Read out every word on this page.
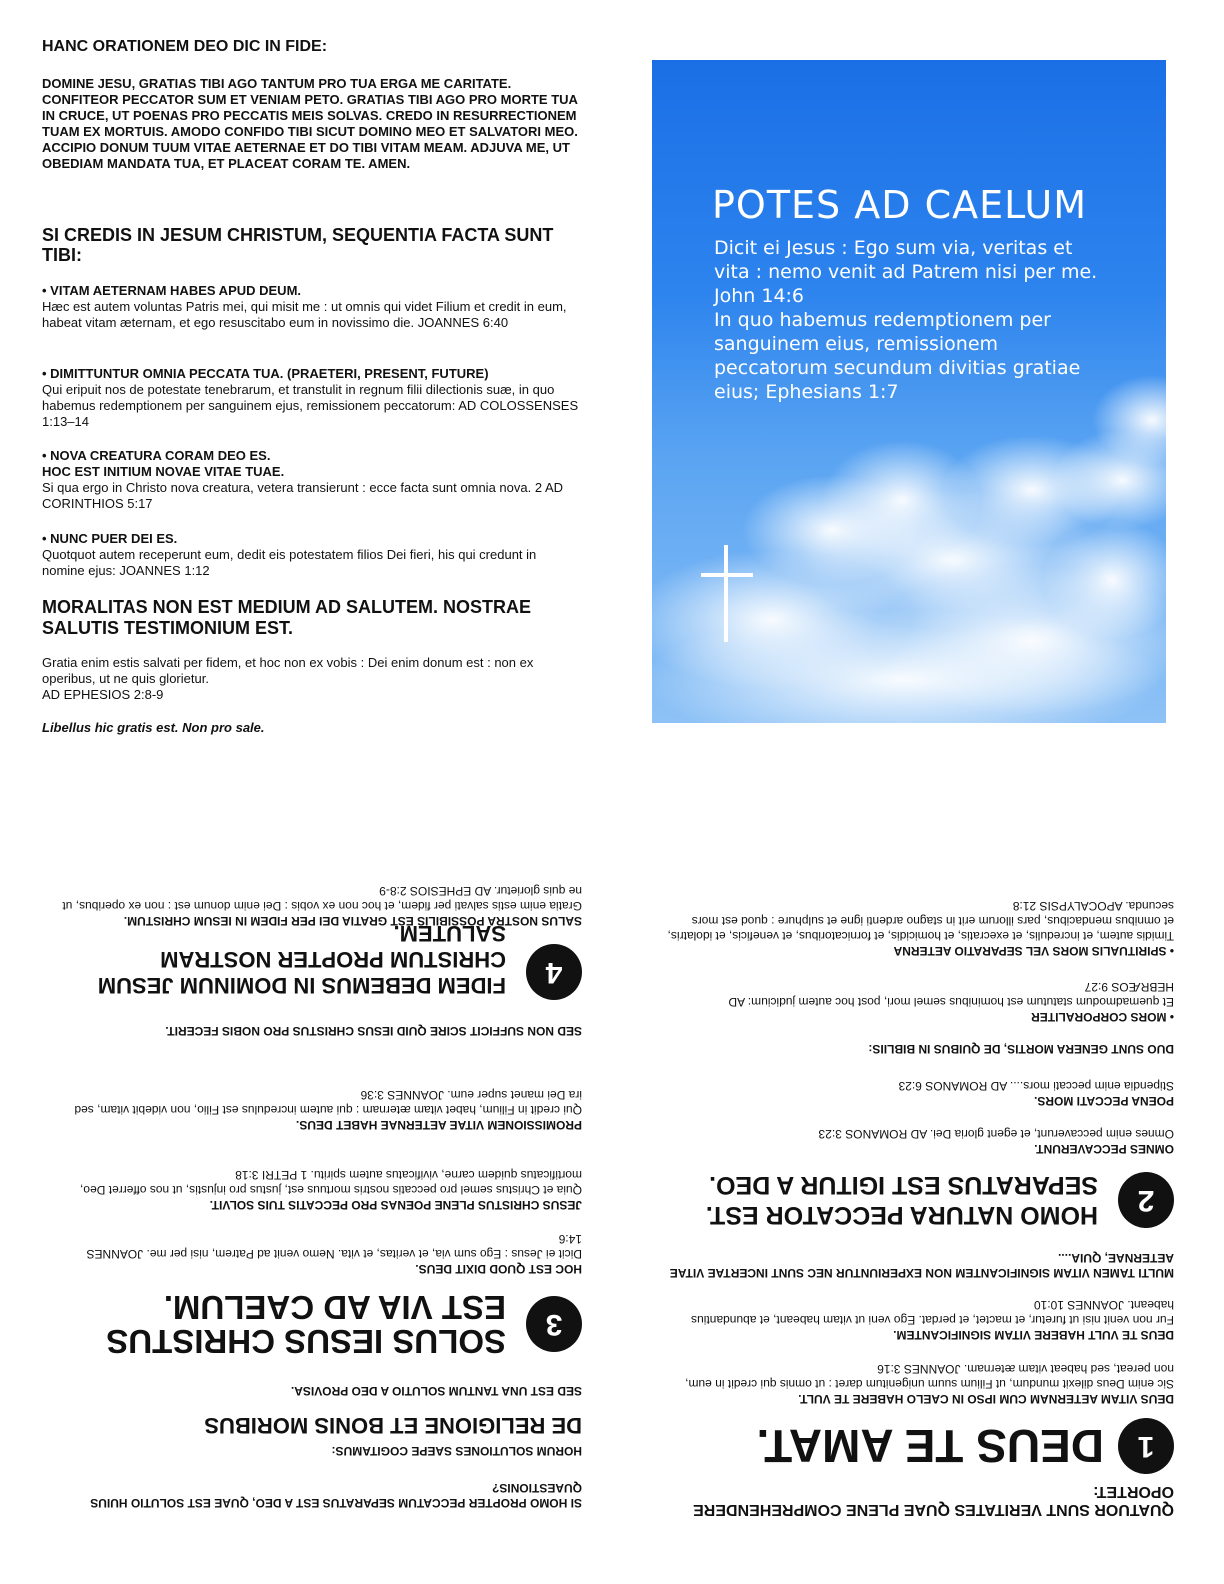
HANC ORATIONEM DEO DIC IN FIDE:
DOMINE JESU, GRATIAS TIBI AGO TANTUM PRO TUA ERGA ME CARITATE. CONFITEOR PECCATOR SUM ET VENIAM PETO. GRATIAS TIBI AGO PRO MORTE TUA IN CRUCE, UT POENAS PRO PECCATIS MEIS SOLVAS. CREDO IN RESURRECTIONEM TUAM EX MORTUIS. AMODO CONFIDO TIBI SICUT DOMINO MEO ET SALVATORI MEO. ACCIPIO DONUM TUUM VITAE AETERNAE ET DO TIBI VITAM MEAM. ADJUVA ME, UT OBEDIAM MANDATA TUA, ET PLACEAT CORAM TE. AMEN.
SI CREDIS IN JESUM CHRISTUM, SEQUENTIA FACTA SUNT TIBI:
• VITAM AETERNAM HABES APUD DEUM.
Hæc est autem voluntas Patris mei, qui misit me : ut omnis qui videt Filium et credit in eum, habeat vitam æternam, et ego resuscitabo eum in novissimo die. JOANNES 6:40
• DIMITTUNTUR OMNIA PECCATA TUA. (PRAETERI, PRESENT, FUTURE)
Qui eripuit nos de potestate tenebrarum, et transtulit in regnum filii dilectionis suæ, in quo habemus redemptionem per sanguinem ejus, remissionem peccatorum: AD COLOSSENSES 1:13–14
• NOVA CREATURA CORAM DEO ES.
HOC EST INITIUM NOVAE VITAE TUAE.
Si qua ergo in Christo nova creatura, vetera transierunt : ecce facta sunt omnia nova. 2 AD CORINTHIOS 5:17
• NUNC PUER DEI ES.
Quotquot autem receperunt eum, dedit eis potestatem filios Dei fieri, his qui credunt in nomine ejus: JOANNES 1:12
MORALITAS NON EST MEDIUM AD SALUTEM. NOSTRAE SALUTIS TESTIMONIUM EST.
Gratia enim estis salvati per fidem, et hoc non ex vobis : Dei enim donum est : non ex operibus, ut ne quis glorietur.
AD EPHESIOS 2:8-9
Libellus hic gratis est. Non pro sale.
POTES AD CAELUM
Dicit ei Jesus : Ego sum via, veritas et vita : nemo venit ad Patrem nisi per me. John 14:6
In quo habemus redemptionem per sanguinem eius, remissionem peccatorum secundum divitias gratiae eius; Ephesians 1:7
SI HOMO PROPTER PECCATUM SEPARATUS EST A DEO, QUAE EST SOLUTIO HUIUS QUAESTIONIS?
HORUM SOLUTIONES SAEPE COGITAMUS:
DE RELIGIONE ET BONIS MORIBUS
SED EST UNA TANTUM SOLUTIO A DEO PROVISA.
3
SOLUS IESUS CHRISTUS EST VIA AD CAELUM.
HOC EST QUOD DIXIT DEUS.
Dicit ei Jesus : Ego sum via, et veritas, et vita. Nemo venit ad Patrem, nisi per me. JOANNES 14:6
JESUS CHRISTUS PLENE POENAS PRO PECCATIS TUIS SOLVIT.
Quia et Christus semel pro peccatis nostris mortuus est, justus pro injustis, ut nos offerret Deo, mortificatus quidem carne, vivificatus autem spiritu. 1 PETRI 3:18
PROMISSIONEM VITAE AETERNAE HABET DEUS.
Qui credit in Filium, habet vitam æternam : qui autem incredulus est Filio, non videbit vitam, sed ira Dei manet super eum. JOANNES 3:36
SED NON SUFFICIT SCIRE QUID IESUS CHRISTUS PRO NOBIS FECERIT.
4
FIDEM DEBEMUS IN DOMINUM JESUM CHRISTUM PROPTER NOSTRAM SALUTEM.
SALUS NOSTRA POSSIBILIS EST GRATIA DEI PER FIDEM IN IESUM CHRISTUM.
Gratia enim estis salvati per fidem, et hoc non ex vobis : Dei enim donum est : non ex operibus, ut ne quis glorietur. AD EPHESIOS 2:8-9
QUATUOR SUNT VERITATES QUAE PLENE COMPREHENDERE OPORTET:
1
DEUS TE AMAT.
DEUS VITAM AETERNAM CUM IPSO IN CAELO HABERE TE VULT.
Sic enim Deus dilexit mundum, ut Filium suum unigenitum daret : ut omnis qui credit in eum, non pereat, sed habeat vitam æternam. JOANNES 3:16
DEUS TE VULT HABERE VITAM SIGNIFICANTEM.
Fur non venit nisi ut furetur, et mactet, et perdat. Ego veni ut vitam habeant, et abundantius habeant. JOANNES 10:10
MULTI TAMEN VITAM SIGNIFICANTEM NON EXPERIUNTUR NEC SUNT INCERTAE VITAE AETERNAE, QUIA....
2
HOMO NATURA PECCATOR EST. SEPARATUS EST IGITUR A DEO.
OMNES PECCAVERUNT.
Omnes enim peccaverunt, et egent gloria Dei. AD ROMANOS 3:23
POENA PECCATI MORS.
Stipendia enim peccati mors.... AD ROMANOS 6:23
DUO SUNT GENERA MORTIS, DE QUIBUS IN BIBLIIS:
• MORS CORPORALITER
Et quemadmodum statutum est hominibus semel mori, post hoc autem judicium: AD HEBRÆOS 9:27
• SPIRITUALIS MORS VEL SEPARATIO AETERNA
Timidis autem, et incredulis, et execratis, et homicidis, et fornicatoribus, et veneficis, et idolatris, et omnibus mendacibus, pars illorum erit in stagno ardenti igne et sulphure : quod est mors secunda. APOCALYPSIS 21:8
